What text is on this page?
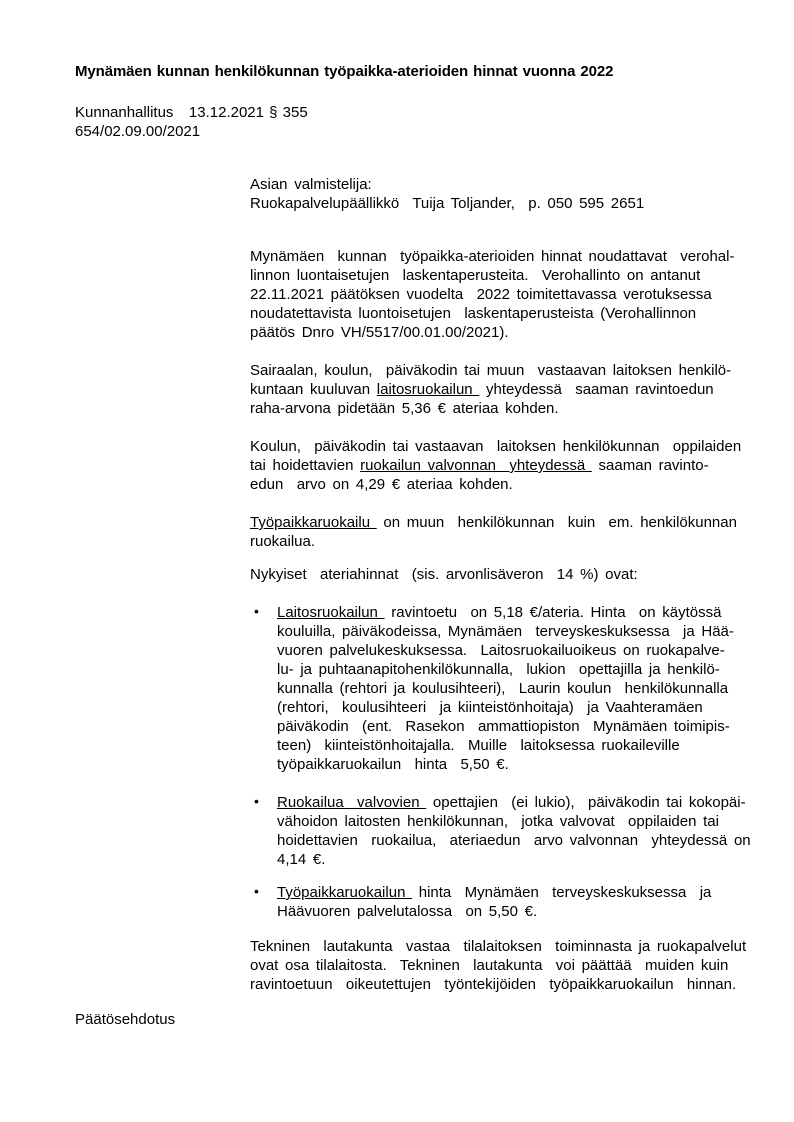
Mynämäen kunnan henkilökunnan työpaikka-aterioiden hinnat vuonna 2022
Kunnanhallitus   13.12.2021 § 355
654/02.09.00/2021
Asian valmistelija:
Ruokapalvelupäällikkö  Tuija Toljander,  p. 050 595 2651
Mynämäen  kunnan  työpaikka-aterioiden hinnat noudattavat  verohal-
linnon luontaisetujen  laskentaperusteita.  Verohallinto on antanut
22.11.2021 päätöksen vuodelta  2022 toimitettavassa verotuksessa
noudatettavista luontoisetujen  laskentaperusteista (Verohallinnon
päätös Dnro VH/5517/00.01.00/2021).
Sairaalan, koulun,  päiväkodin tai muun  vastaavan laitoksen henkilö-
kuntaan kuuluvan laitosruokailun  yhteydessä  saaman ravintoedun
raha-arvona pidetään 5,36 € ateriaa kohden.
Koulun,  päiväkodin tai vastaavan  laitoksen henkilökunnan  oppilaiden
tai hoidettavien ruokailun valvonnan  yhteydessä  saaman ravinto-
edun  arvo on 4,29 € ateriaa kohden.
Työpaikkaruokailu  on muun  henkilökunnan  kuin  em. henkilökunnan
ruokailua.
Nykyiset  ateriahinnat  (sis. arvonlisäveron  14 %) ovat:
• Laitosruokailun  ravintoetu  on 5,18 €/ateria. Hinta  on käytössä
kouluilla, päiväkodeissa, Mynämäen  terveyskeskuksessa  ja Hää-
vuoren palvelukeskuksessa.  Laitosruokailuoikeus on ruokapalve-
lu- ja puhtaanapitohenkilökunnalla,  lukion  opettajilla ja henkilö-
kunnalla (rehtori ja koulusihteeri),  Laurin koulun  henkilökunnalla
(rehtori,  koulusihteeri  ja kiinteistönhoitaja)  ja Vaahteramäen
päiväkodin  (ent.  Rasekon  ammattiopiston  Mynämäen toimipis-
teen)  kiinteistönhoitajalla.  Muille  laitoksessa ruokaileville
työpaikkaruokailun  hinta  5,50 €.
• Ruokailua  valvovien  opettajien  (ei lukio),  päiväkodin tai kokopäi-
vähoidon laitosten henkilökunnan,  jotka valvovat  oppilaiden tai
hoidettavien  ruokailua,  ateriaedun  arvo valvonnan  yhteydessä on
4,14 €.
• Työpaikkaruokailun  hinta  Mynämäen  terveyskeskuksessa  ja
Häävuoren palvelutalossa  on 5,50 €.
Tekninen  lautakunta  vastaa  tilalaitoksen  toiminnasta ja ruokapalvelut
ovat osa tilalaitosta.  Tekninen  lautakunta  voi päättää  muiden kuin
ravintoetuun  oikeutettujen  työntekijöiden  työpaikkaruokailun  hinnan.
Päätösehdotus
